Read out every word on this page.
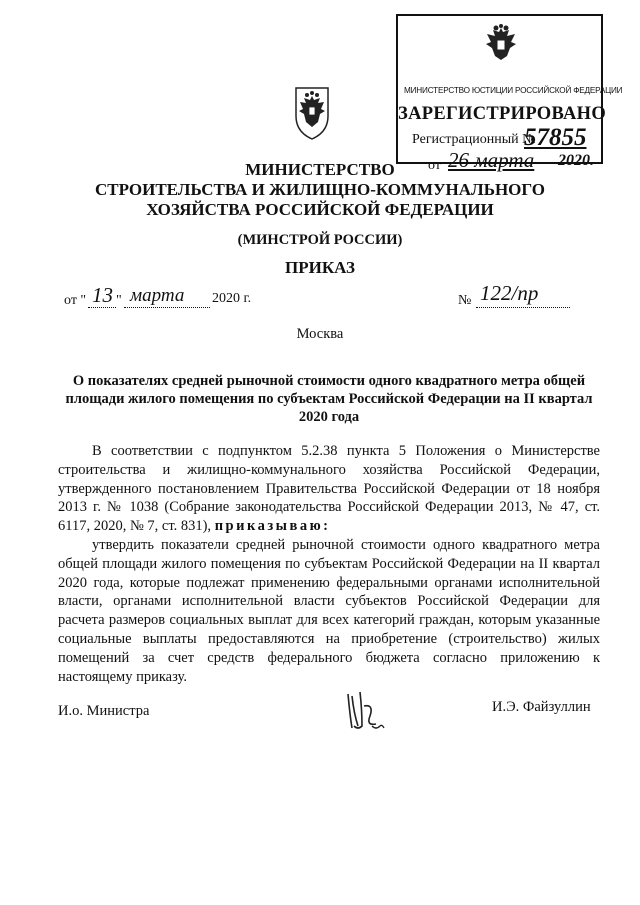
МИНИСТЕРСТВО ЮСТИЦИИ РОССИЙСКОЙ ФЕДЕРАЦИИ
ЗАРЕГИСТРИРОВАНО
Регистрационный №
57855
от 26 марта 2020.
МИНИСТЕРСТВО
СТРОИТЕЛЬСТВА И ЖИЛИЩНО-КОММУНАЛЬНОГО
ХОЗЯЙСТВА РОССИЙСКОЙ ФЕДЕРАЦИИ
(МИНСТРОЙ РОССИИ)
ПРИКАЗ
от " 13 " марта 2020 г.	№ 122/пр
Москва
О показателях средней рыночной стоимости одного квадратного метра общей площади жилого помещения по субъектам Российской Федерации на II квартал 2020 года

В соответствии с подпунктом 5.2.38 пункта 5 Положения о Министерстве строительства и жилищно-коммунального хозяйства Российской Федерации, утвержденного постановлением Правительства Российской Федерации от 18 ноября 2013 г. № 1038 (Собрание законодательства Российской Федерации 2013, № 47, ст. 6117, 2020, № 7, ст. 831), приказываю:

утвердить показатели средней рыночной стоимости одного квадратного метра общей площади жилого помещения по субъектам Российской Федерации на II квартал 2020 года, которые подлежат применению федеральными органами исполнительной власти, органами исполнительной власти субъектов Российской Федерации для расчета размеров социальных выплат для всех категорий граждан, которым указанные социальные выплаты предоставляются на приобретение (строительство) жилых помещений за счет средств федерального бюджета согласно приложению к настоящему приказу.

И.о. Министра	И.Э. Файзуллин
